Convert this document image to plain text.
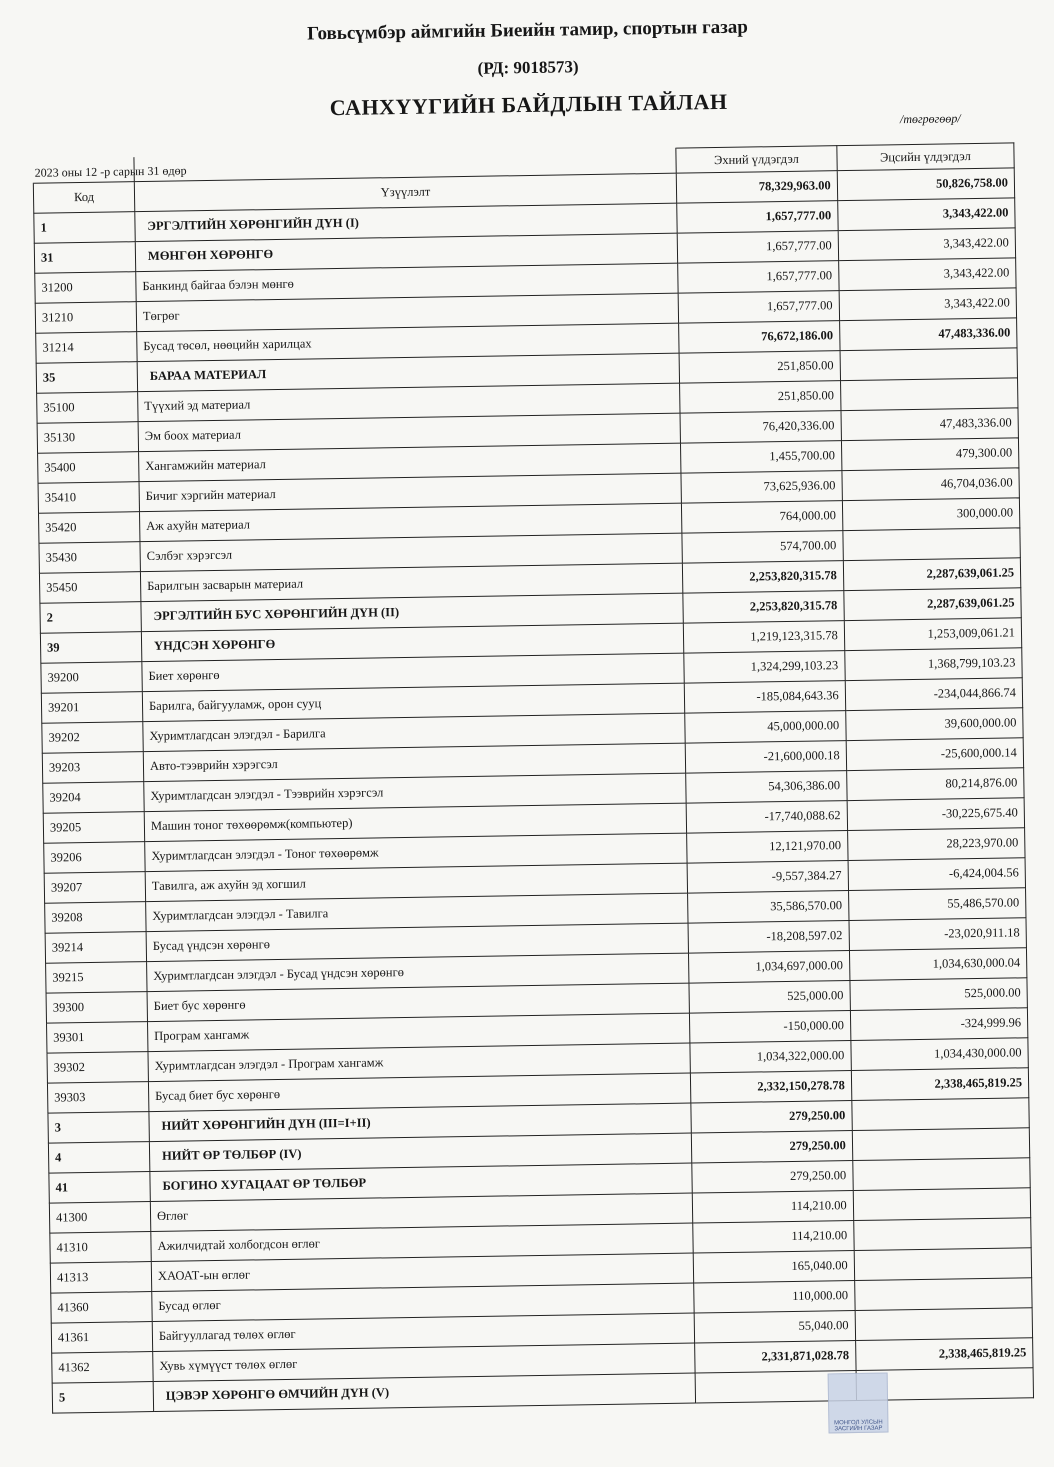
Говьсүмбэр аймгийн Биеийн тамир, спортын газар
(РД: 9018573)
САНХҮҮГИЙН БАЙДЛЫН ТАЙЛАН	/төгрөгөөр/
2023 оны 12 -р сарын 31 өдөр
		Эхний үлдэгдэл	Эцсийн үлдэгдэл
Код	Үзүүлэлт	78,329,963.00	50,826,758.00
1	ЭРГЭЛТИЙН ХӨРӨНГИЙН ДҮН (I)	1,657,777.00	3,343,422.00
31	МӨНГӨН ХӨРӨНГӨ	1,657,777.00	3,343,422.00
31200	Банкинд байгаа бэлэн мөнгө	1,657,777.00	3,343,422.00
31210	Төгрөг	1,657,777.00	3,343,422.00
31214	Бусад төсөл, нөөцийн харилцах	76,672,186.00	47,483,336.00
35	БАРАА МАТЕРИАЛ	251,850.00	
35100	Түүхий эд материал	251,850.00	
35130	Эм боох материал	76,420,336.00	47,483,336.00
35400	Хангамжийн материал	1,455,700.00	479,300.00
35410	Бичиг хэргийн материал	73,625,936.00	46,704,036.00
35420	Аж ахуйн материал	764,000.00	300,000.00
35430	Сэлбэг хэрэгсэл	574,700.00	
35450	Барилгын засварын материал	2,253,820,315.78	2,287,639,061.25
2	ЭРГЭЛТИЙН БУС ХӨРӨНГИЙН ДҮН (II)	2,253,820,315.78	2,287,639,061.25
39	ҮНДСЭН ХӨРӨНГӨ	1,219,123,315.78	1,253,009,061.21
39200	Биет хөрөнгө	1,324,299,103.23	1,368,799,103.23
39201	Барилга, байгууламж, орон сууц	-185,084,643.36	-234,044,866.74
39202	Хуримтлагдсан элэгдэл - Барилга	45,000,000.00	39,600,000.00
39203	Авто-тээврийн хэрэгсэл	-21,600,000.18	-25,600,000.14
39204	Хуримтлагдсан элэгдэл - Тээврийн хэрэгсэл	54,306,386.00	80,214,876.00
39205	Машин тоног төхөөрөмж(компьютер)	-17,740,088.62	-30,225,675.40
39206	Хуримтлагдсан элэгдэл - Тоног төхөөрөмж	12,121,970.00	28,223,970.00
39207	Тавилга, аж ахуйн эд хогшил	-9,557,384.27	-6,424,004.56
39208	Хуримтлагдсан элэгдэл - Тавилга	35,586,570.00	55,486,570.00
39214	Бусад үндсэн хөрөнгө	-18,208,597.02	-23,020,911.18
39215	Хуримтлагдсан элэгдэл - Бусад үндсэн хөрөнгө	1,034,697,000.00	1,034,630,000.04
39300	Биет бус хөрөнгө	525,000.00	525,000.00
39301	Програм хангамж	-150,000.00	-324,999.96
39302	Хуримтлагдсан элэгдэл - Програм хангамж	1,034,322,000.00	1,034,430,000.00
39303	Бусад биет бус хөрөнгө	2,332,150,278.78	2,338,465,819.25
3	НИЙТ ХӨРӨНГИЙН ДҮН (III=I+II)	279,250.00	
4	НИЙТ ӨР ТӨЛБӨР (IV)	279,250.00	
41	БОГИНО ХУГАЦААТ ӨР ТӨЛБӨР	279,250.00	
41300	Өглөг	114,210.00	
41310	Ажилчидтай холбогдсон өглөг	114,210.00	
41313	ХАОАТ-ын өглөг	165,040.00	
41360	Бусад өглөг	110,000.00	
41361	Байгууллагад төлөх өглөг	55,040.00	
41362	Хувь хүмүүст төлөх өглөг	2,331,871,028.78	2,338,465,819.25
5	ЦЭВЭР ХӨРӨНГӨ ӨМЧИЙН ДҮН (V)		
МОНГОЛ УЛСЫН ЗАСГИЙН ГАЗАР
